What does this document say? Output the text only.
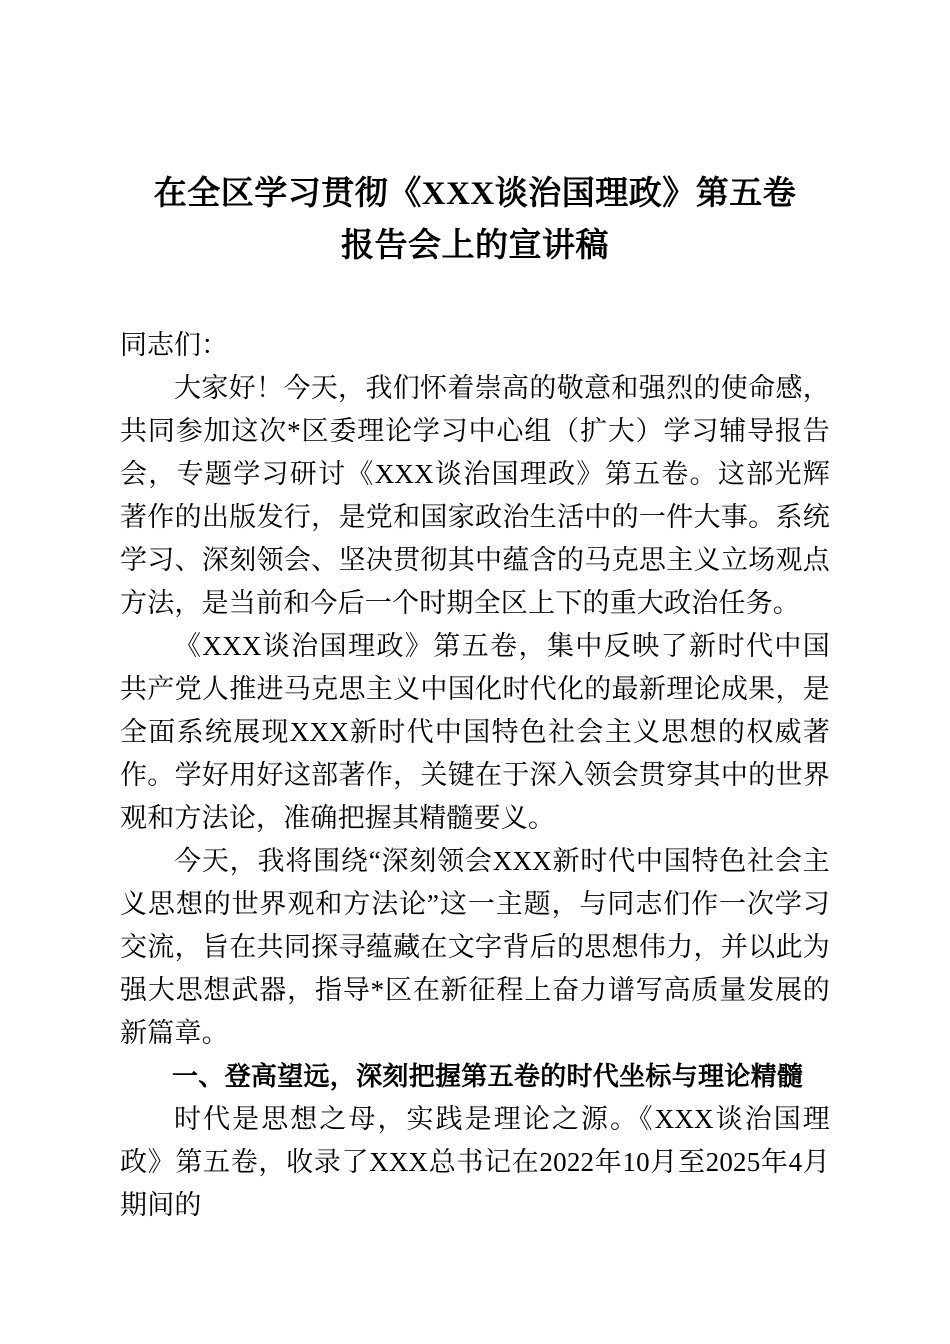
在全区学习贯彻《XXX谈治国理政》第五卷
报告会上的宣讲稿

同志们：

大家好！今天，我们怀着崇高的敬意和强烈的使命感，共同参加这次*区委理论学习中心组（扩大）学习辅导报告会，专题学习研讨《XXX谈治国理政》第五卷。这部光辉著作的出版发行，是党和国家政治生活中的一件大事。系统学习、深刻领会、坚决贯彻其中蕴含的马克思主义立场观点方法，是当前和今后一个时期全区上下的重大政治任务。

《XXX谈治国理政》第五卷，集中反映了新时代中国共产党人推进马克思主义中国化时代化的最新理论成果，是全面系统展现XXX新时代中国特色社会主义思想的权威著作。学好用好这部著作，关键在于深入领会贯穿其中的世界观和方法论，准确把握其精髓要义。

今天，我将围绕“深刻领会XXX新时代中国特色社会主义思想的世界观和方法论”这一主题，与同志们作一次学习交流，旨在共同探寻蕴藏在文字背后的思想伟力，并以此为强大思想武器，指导*区在新征程上奋力谱写高质量发展的新篇章。

一、登高望远，深刻把握第五卷的时代坐标与理论精髓

时代是思想之母，实践是理论之源。《XXX谈治国理政》第五卷，收录了XXX总书记在2022年10月至2025年4月期间的
